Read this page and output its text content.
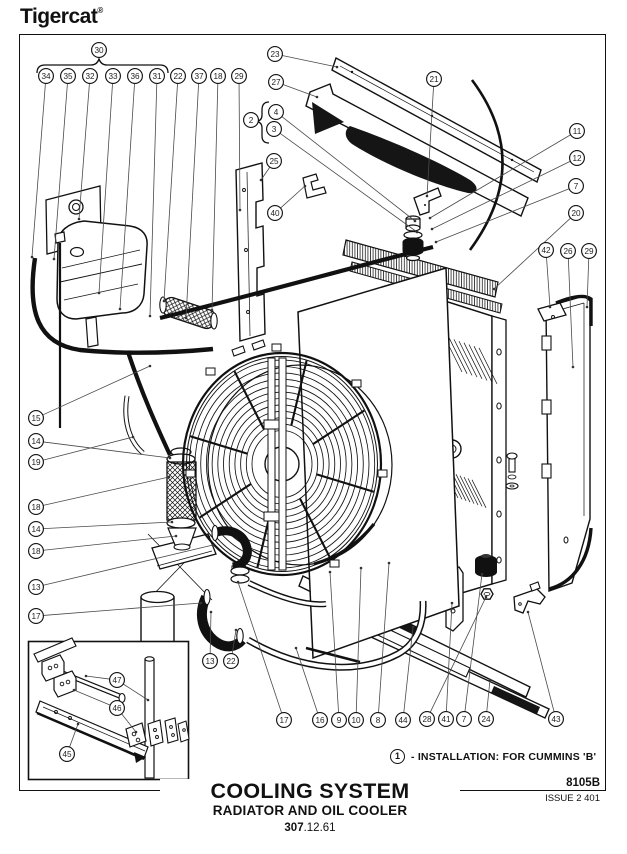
Tigercat®
30
34 35 32 33 36 31 22 37 18 29
23
27
2
4
3
25
40
21
11
12
7
20
42 26 29
15
14
19
18
14
18
13
17
13 22
47
46
45
17	16 9 10 8 44 28 41 7 24	43
1	- INSTALLATION: FOR CUMMINS 'B'
COOLING SYSTEM
RADIATOR AND OIL COOLER
307.12.61
8105B
ISSUE 2 401
